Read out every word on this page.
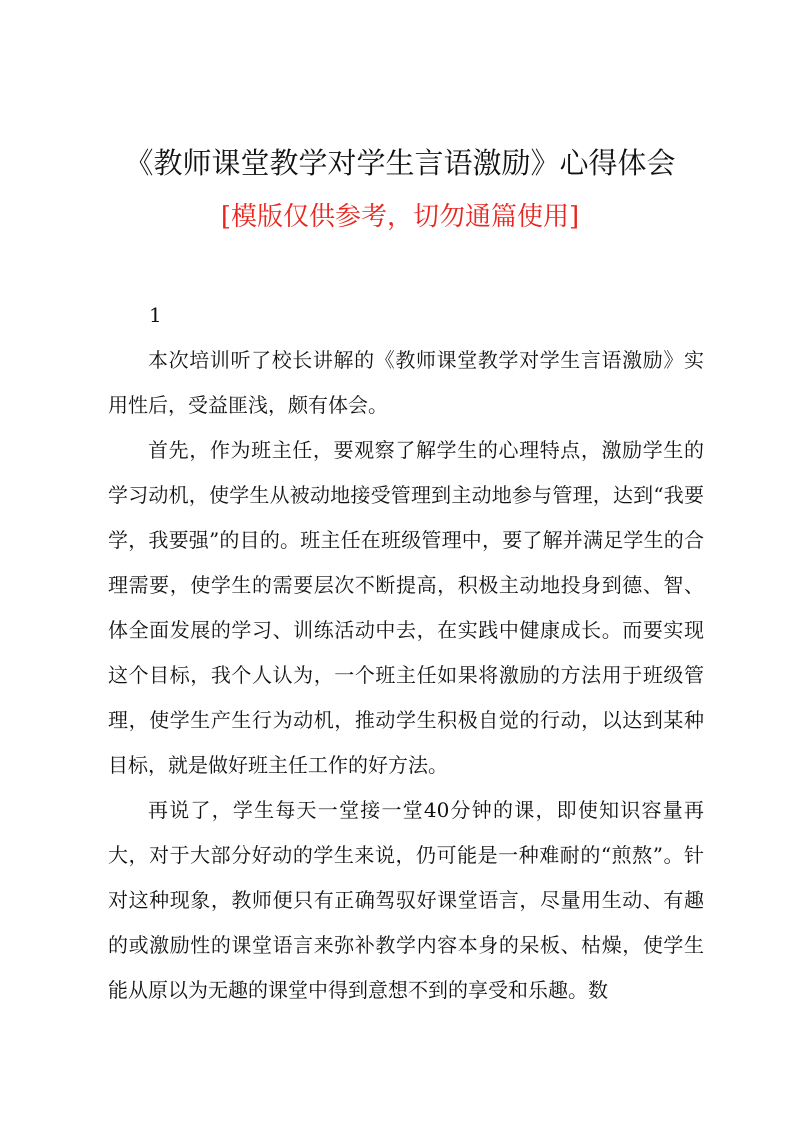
《教师课堂教学对学生言语激励》心得体会
[模版仅供参考，切勿通篇使用]

1

本次培训听了校长讲解的《教师课堂教学对学生言语激励》实用性后，受益匪浅，颇有体会。

首先，作为班主任，要观察了解学生的心理特点，激励学生的学习动机，使学生从被动地接受管理到主动地参与管理，达到“我要学，我要强”的目的。班主任在班级管理中，要了解并满足学生的合理需要，使学生的需要层次不断提高，积极主动地投身到德、智、体全面发展的学习、训练活动中去，在实践中健康成长。而要实现这个目标，我个人认为，一个班主任如果将激励的方法用于班级管理，使学生产生行为动机，推动学生积极自觉的行动，以达到某种目标，就是做好班主任工作的好方法。

再说了，学生每天一堂接一堂40分钟的课，即使知识容量再大，对于大部分好动的学生来说，仍可能是一种难耐的“煎熬”。针对这种现象，教师便只有正确驾驭好课堂语言，尽量用生动、有趣的或激励性的课堂语言来弥补教学内容本身的呆板、枯燥，使学生能从原以为无趣的课堂中得到意想不到的享受和乐趣。数
